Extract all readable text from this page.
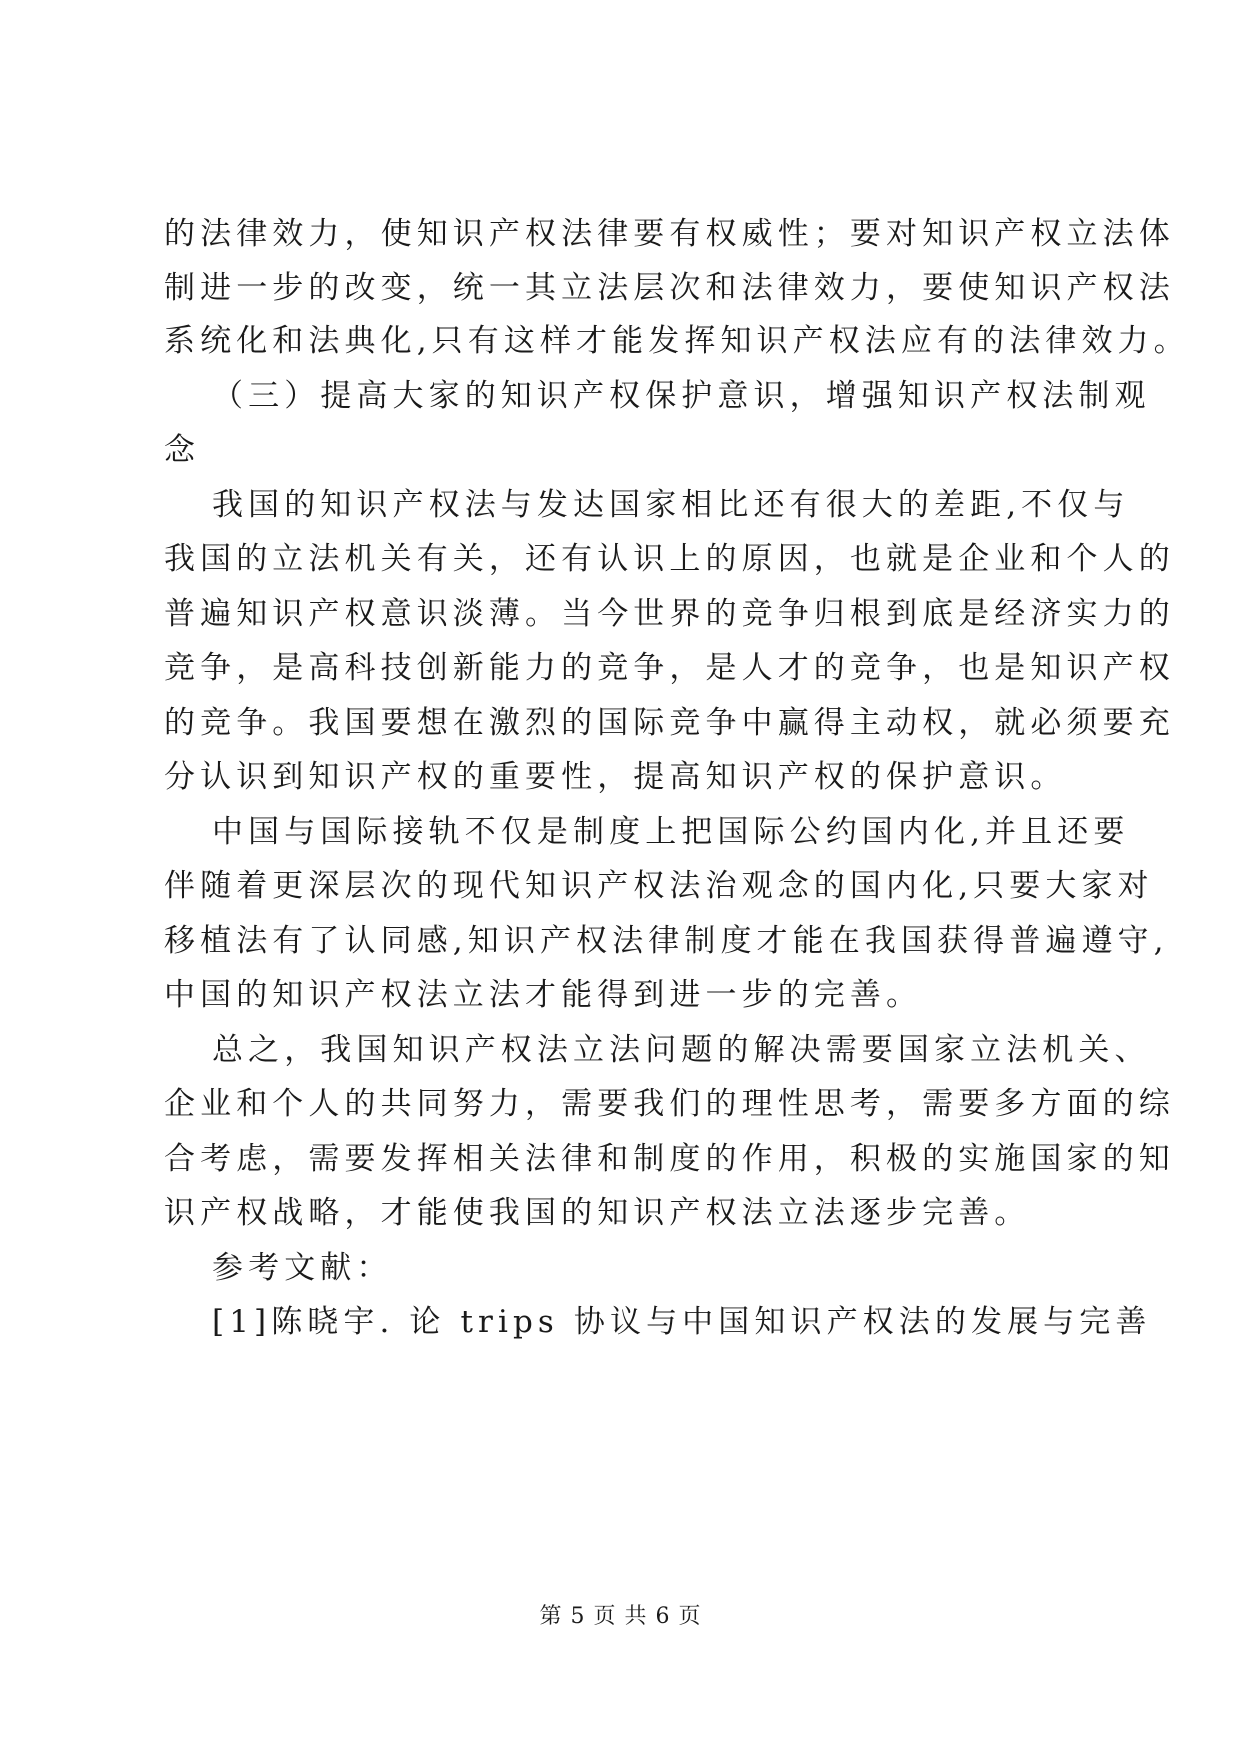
的法律效力，使知识产权法律要有权威性；要对知识产权立法体
制进一步的改变，统一其立法层次和法律效力，要使知识产权法
系统化和法典化,只有这样才能发挥知识产权法应有的法律效力。
（三）提高大家的知识产权保护意识，增强知识产权法制观
念
我国的知识产权法与发达国家相比还有很大的差距,不仅与
我国的立法机关有关，还有认识上的原因，也就是企业和个人的
普遍知识产权意识淡薄。当今世界的竞争归根到底是经济实力的
竞争，是高科技创新能力的竞争，是人才的竞争，也是知识产权
的竞争。我国要想在激烈的国际竞争中赢得主动权，就必须要充
分认识到知识产权的重要性，提高知识产权的保护意识。
中国与国际接轨不仅是制度上把国际公约国内化,并且还要
伴随着更深层次的现代知识产权法治观念的国内化,只要大家对
移植法有了认同感,知识产权法律制度才能在我国获得普遍遵守,
中国的知识产权法立法才能得到进一步的完善。
总之，我国知识产权法立法问题的解决需要国家立法机关、
企业和个人的共同努力，需要我们的理性思考，需要多方面的综
合考虑，需要发挥相关法律和制度的作用，积极的实施国家的知
识产权战略，才能使我国的知识产权法立法逐步完善。
参考文献：
[1]陈晓宇. 论 trips 协议与中国知识产权法的发展与完善
第 5 页 共 6 页
